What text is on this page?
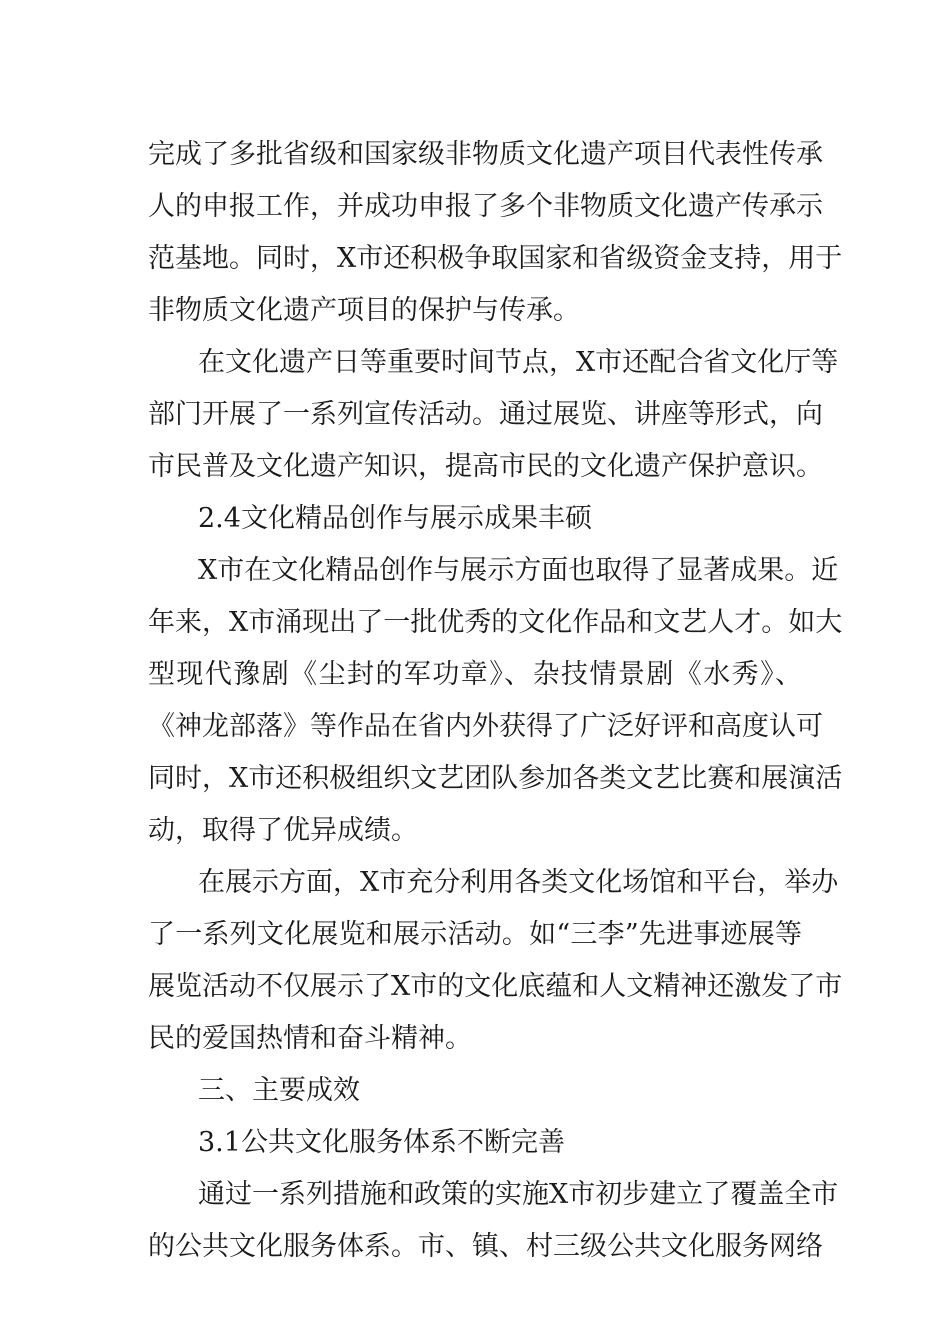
完成了多批省级和国家级非物质文化遗产项目代表性传承
人的申报工作，并成功申报了多个非物质文化遗产传承示
范基地。同时，X市还积极争取国家和省级资金支持，用于
非物质文化遗产项目的保护与传承。
在文化遗产日等重要时间节点，X市还配合省文化厅等
部门开展了一系列宣传活动。通过展览、讲座等形式，向
市民普及文化遗产知识，提高市民的文化遗产保护意识。
2.4文化精品创作与展示成果丰硕
X市在文化精品创作与展示方面也取得了显著成果。近
年来，X市涌现出了一批优秀的文化作品和文艺人才。如大
型现代豫剧《尘封的军功章》、杂技情景剧《水秀》、
《神龙部落》等作品在省内外获得了广泛好评和高度认可
同时，X市还积极组织文艺团队参加各类文艺比赛和展演活
动，取得了优异成绩。
在展示方面，X市充分利用各类文化场馆和平台，举办
了一系列文化展览和展示活动。如“三李”先进事迹展等
展览活动不仅展示了X市的文化底蕴和人文精神还激发了市
民的爱国热情和奋斗精神。
三、主要成效
3.1公共文化服务体系不断完善
通过一系列措施和政策的实施X市初步建立了覆盖全市
的公共文化服务体系。市、镇、村三级公共文化服务网络
